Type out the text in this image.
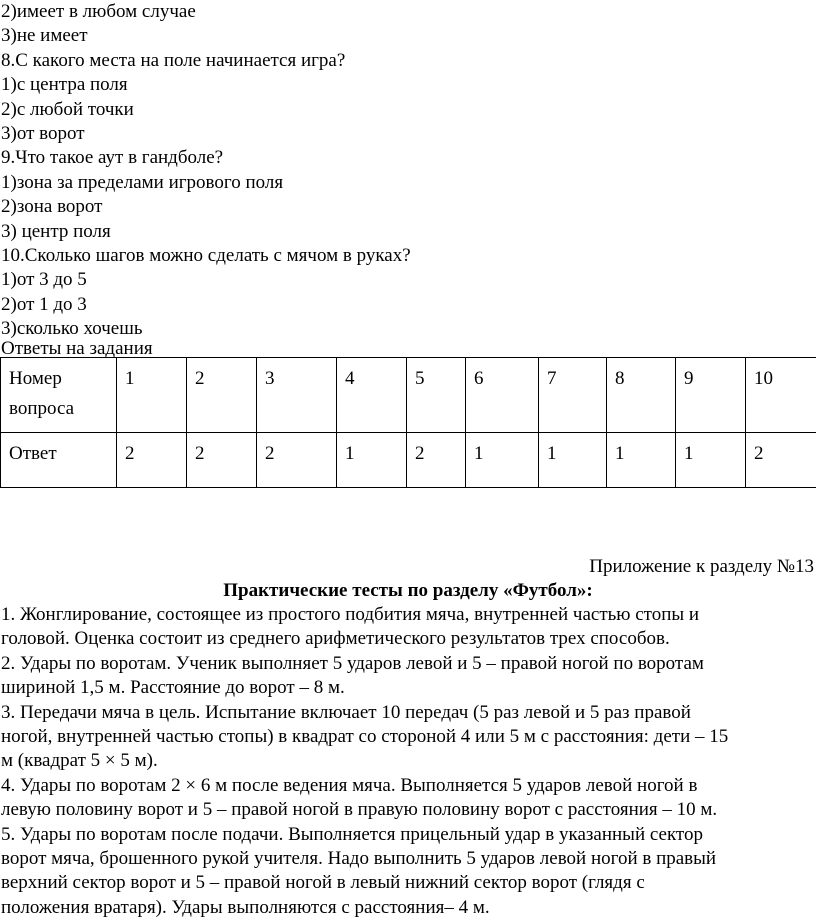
2)имеет в любом случае
3)не имеет
8.С какого места на поле начинается игра?
1)с центра поля
2)с любой точки
3)от ворот
9.Что такое аут в гандболе?
1)зона за пределами игрового поля
2)зона ворот
3) центр поля
10.Сколько шагов можно сделать с мячом в руках?
1)от 3 до 5
2)от 1 до 3
3)сколько хочешь
Ответы на задания
Номер вопроса	1	2	3	4	5	6	7	8	9	10
Ответ	2	2	2	1	2	1	1	1	1	2
Приложение к разделу №13
Практические тесты по разделу «Футбол»:
1. Жонглирование, состоящее из простого подбития мяча, внутренней частью стопы и
головой. Оценка состоит из среднего арифметического результатов трех способов.
2. Удары по воротам. Ученик выполняет 5 ударов левой и 5 – правой ногой по воротам
шириной 1,5 м. Расстояние до ворот – 8 м.
3. Передачи мяча в цель. Испытание включает 10 передач (5 раз левой и 5 раз правой
ногой, внутренней частью стопы) в квадрат со стороной 4 или 5 м с расстояния: дети – 15
м (квадрат 5 × 5 м).
4. Удары по воротам 2 × 6 м после ведения мяча. Выполняется 5 ударов левой ногой в
левую половину ворот и 5 – правой ногой в правую половину ворот с расстояния – 10 м.
5. Удары по воротам после подачи. Выполняется прицельный удар в указанный сектор
ворот мяча, брошенного рукой учителя. Надо выполнить 5 ударов левой ногой в правый
верхний сектор ворот и 5 – правой ногой в левый нижний сектор ворот (глядя с
положения вратаря). Удары выполняются с расстояния– 4 м.
